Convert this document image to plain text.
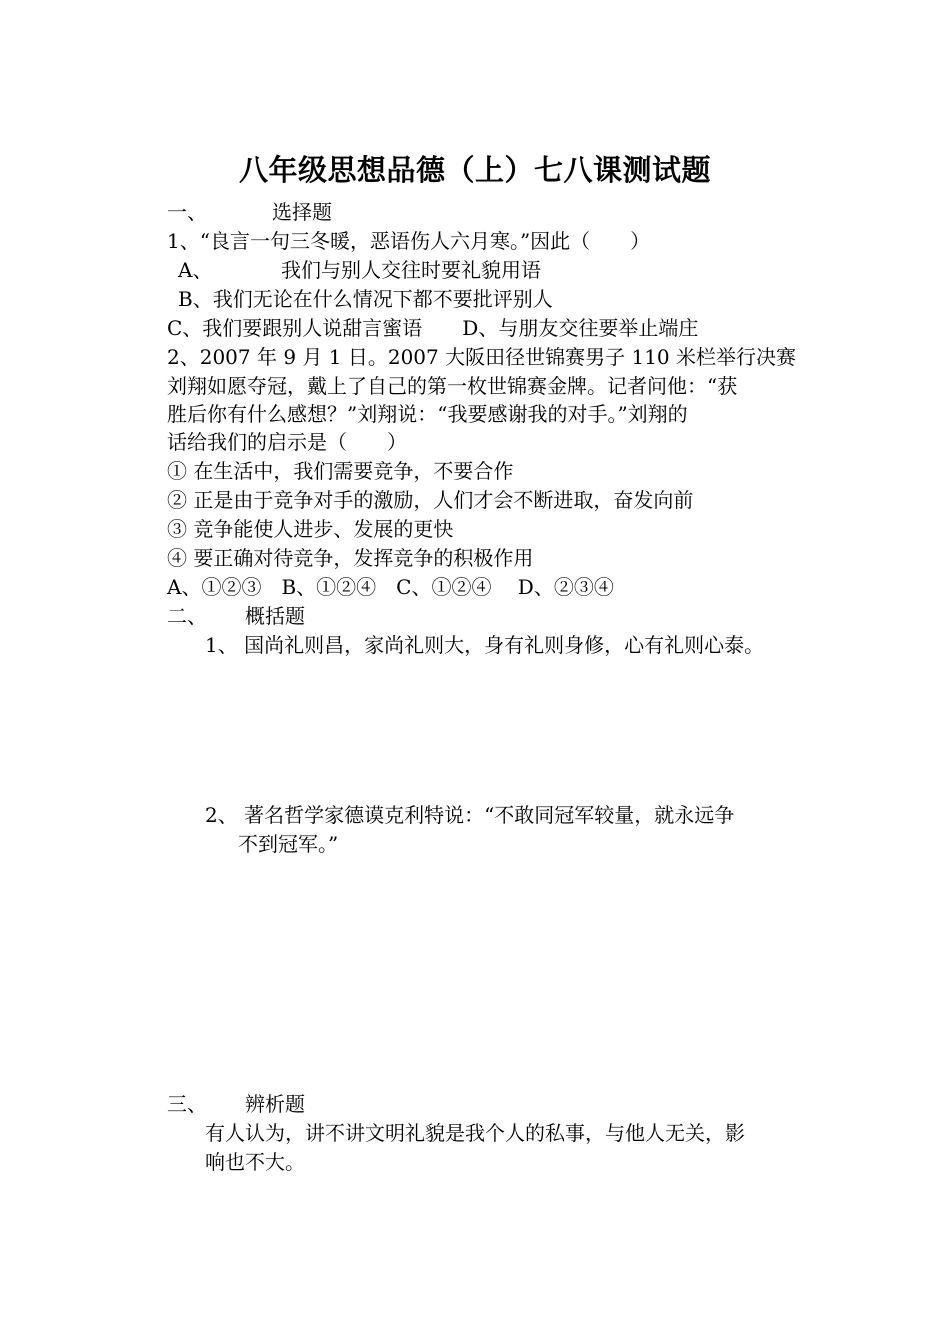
八年级思想品德（上）七八课测试题
一、	选择题
1、“良言一句三冬暖，恶语伤人六月寒。”因此（　　）
A、	我们与别人交往时要礼貌用语
B、我们无论在什么情况下都不要批评别人
C、我们要跟别人说甜言蜜语　　D、与朋友交往要举止端庄
2、2007 年 9 月 1 日。2007 大阪田径世锦赛男子 110 米栏举行决赛
刘翔如愿夺冠，戴上了自己的第一枚世锦赛金牌。记者问他：“获
胜后你有什么感想？”刘翔说：“我要感谢我的对手。”刘翔的
话给我们的启示是（　　）
① 在生活中，我们需要竞争，不要合作
② 正是由于竞争对手的激励，人们才会不断进取，奋发向前
③ 竞争能使人进步、发展的更快
④ 要正确对待竞争，发挥竞争的积极作用
A、①②③　B、①②④　C、①②④　 D、②③④
二、 概括题
1、 国尚礼则昌，家尚礼则大，身有礼则身修，心有礼则心泰。
2、 著名哲学家德谟克利特说：“不敢同冠军较量，就永远争
不到冠军。”
三、 辨析题
有人认为，讲不讲文明礼貌是我个人的私事，与他人无关，影
响也不大。
